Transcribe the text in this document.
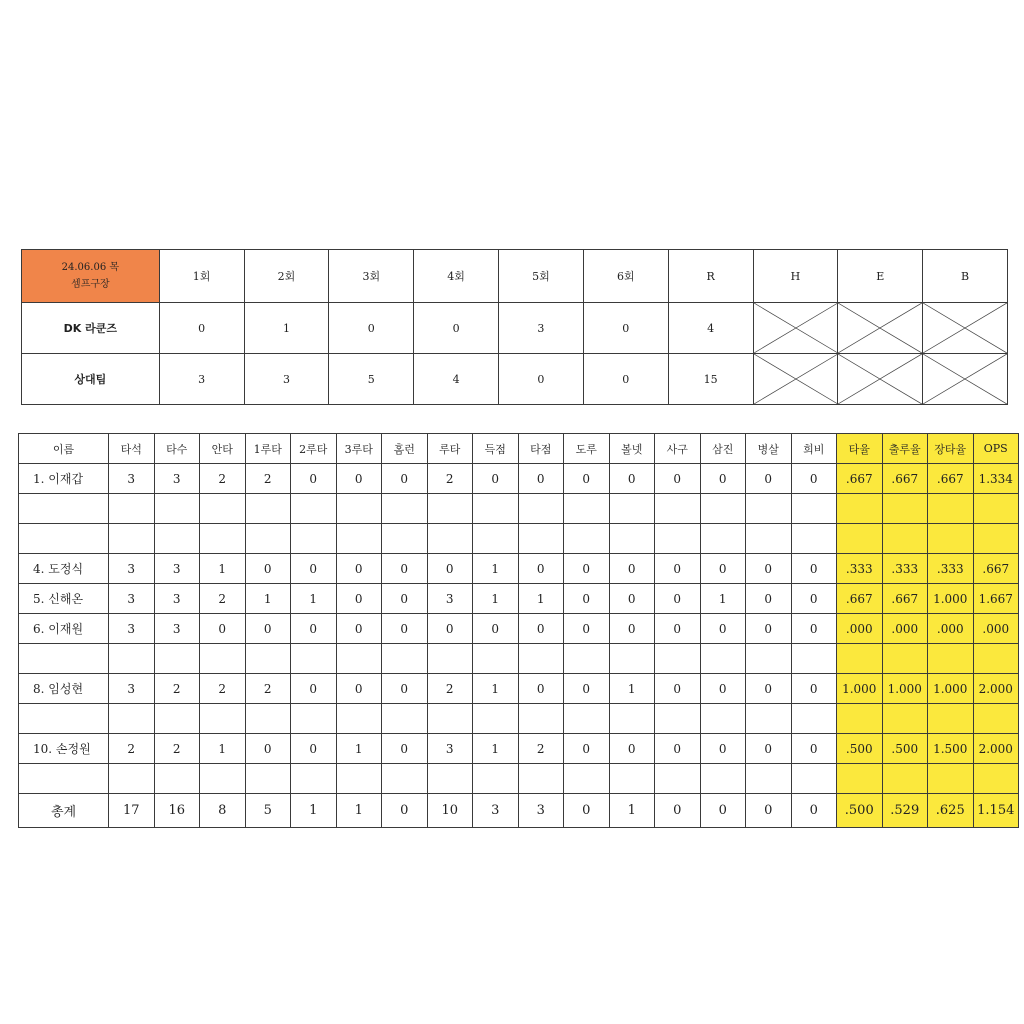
24.06.06 목
셈프구장	1회	2회	3회	4회	5회	6회	R	H	E	B
DK 라쿤즈	0	1	0	0	3	0	4	

상대팀	3	3	5	4	0	0	15	

이름	타석	타수	안타	1루타	2루타	3루타	홈런	루타	득점	타점	도루	볼넷	사구	삼진	병살	희비	타율	출루율	장타율	OPS
1. 이재갑	3	3	2	2	0	0	0	2	0	0	0	0	0	0	0	0	.667	.667	.667	1.334

4. 도정식	3	3	1	0	0	0	0	0	1	0	0	0	0	0	0	0	.333	.333	.333	.667
5. 신해온	3	3	2	1	1	0	0	3	1	1	0	0	0	1	0	0	.667	.667	1.000	1.667
6. 이재원	3	3	0	0	0	0	0	0	0	0	0	0	0	0	0	0	.000	.000	.000	.000

8. 임성현	3	2	2	2	0	0	0	2	1	0	0	1	0	0	0	0	1.000	1.000	1.000	2.000

10. 손정원	2	2	1	0	0	1	0	3	1	2	0	0	0	0	0	0	.500	.500	1.500	2.000

총계	17	16	8	5	1	1	0	10	3	3	0	1	0	0	0	0	.500	.529	.625	1.154
